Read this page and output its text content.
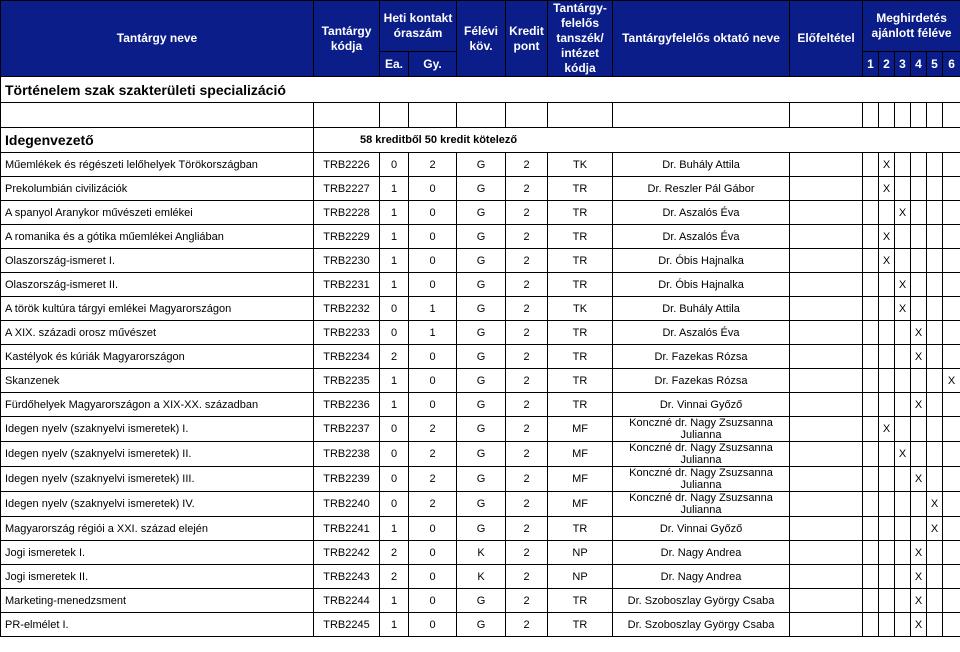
Tantárgy neve	Tantárgy kódja	Heti kontakt óraszám		Félévi köv.	Kredit pont	Tantárgy-felelős tanszék/ intézet kódja	Tantárgyfelelős oktató neve	Előfeltétel	Meghirdetés ajánlott féléve					
		Ea.	Gy.						1	2	3	4	5	6
Történelem szak szakterületi specializáció														

Idegenvezető	58 kreditből 50 kredit kötelező													
Műemlékek és régészeti lelőhelyek Törökországban	TRB2226	0	2	G	2	TK	Dr. Buhály Attila			X				
Prekolumbián civilizációk	TRB2227	1	0	G	2	TR	Dr. Reszler Pál Gábor			X				
A spanyol Aranykor művészeti emlékei	TRB2228	1	0	G	2	TR	Dr. Aszalós Éva				X			
A romanika és a gótika műemlékei Angliában	TRB2229	1	0	G	2	TR	Dr. Aszalós Éva			X				
Olaszország-ismeret I.	TRB2230	1	0	G	2	TR	Dr. Óbis Hajnalka			X				
Olaszország-ismeret II.	TRB2231	1	0	G	2	TR	Dr. Óbis Hajnalka				X			
A török kultúra tárgyi emlékei Magyarországon	TRB2232	0	1	G	2	TK	Dr. Buhály Attila				X			
A XIX. századi orosz művészet	TRB2233	0	1	G	2	TR	Dr. Aszalós Éva					X		
Kastélyok és kúriák Magyarországon	TRB2234	2	0	G	2	TR	Dr. Fazekas Rózsa					X		
Skanzenek	TRB2235	1	0	G	2	TR	Dr. Fazekas Rózsa							X
Fürdőhelyek Magyarországon a XIX-XX. században	TRB2236	1	0	G	2	TR	Dr. Vinnai Győző					X		
Idegen nyelv (szaknyelvi ismeretek) I.	TRB2237	0	2	G	2	MF	Konczné dr. Nagy Zsuzsanna Julianna			X				
Idegen nyelv (szaknyelvi ismeretek) II.	TRB2238	0	2	G	2	MF	Konczné dr. Nagy Zsuzsanna Julianna				X			
Idegen nyelv (szaknyelvi ismeretek) III.	TRB2239	0	2	G	2	MF	Konczné dr. Nagy Zsuzsanna Julianna					X		
Idegen nyelv (szaknyelvi ismeretek) IV.	TRB2240	0	2	G	2	MF	Konczné dr. Nagy Zsuzsanna Julianna						X	
Magyarország régiói a XXI. század elején	TRB2241	1	0	G	2	TR	Dr. Vinnai Győző						X	
Jogi ismeretek I.	TRB2242	2	0	K	2	NP	Dr. Nagy Andrea					X		
Jogi ismeretek II.	TRB2243	2	0	K	2	NP	Dr. Nagy Andrea					X		
Marketing-menedzsment	TRB2244	1	0	G	2	TR	Dr. Szoboszlay György Csaba					X		
PR-elmélet I.	TRB2245	1	0	G	2	TR	Dr. Szoboszlay György Csaba					X		
